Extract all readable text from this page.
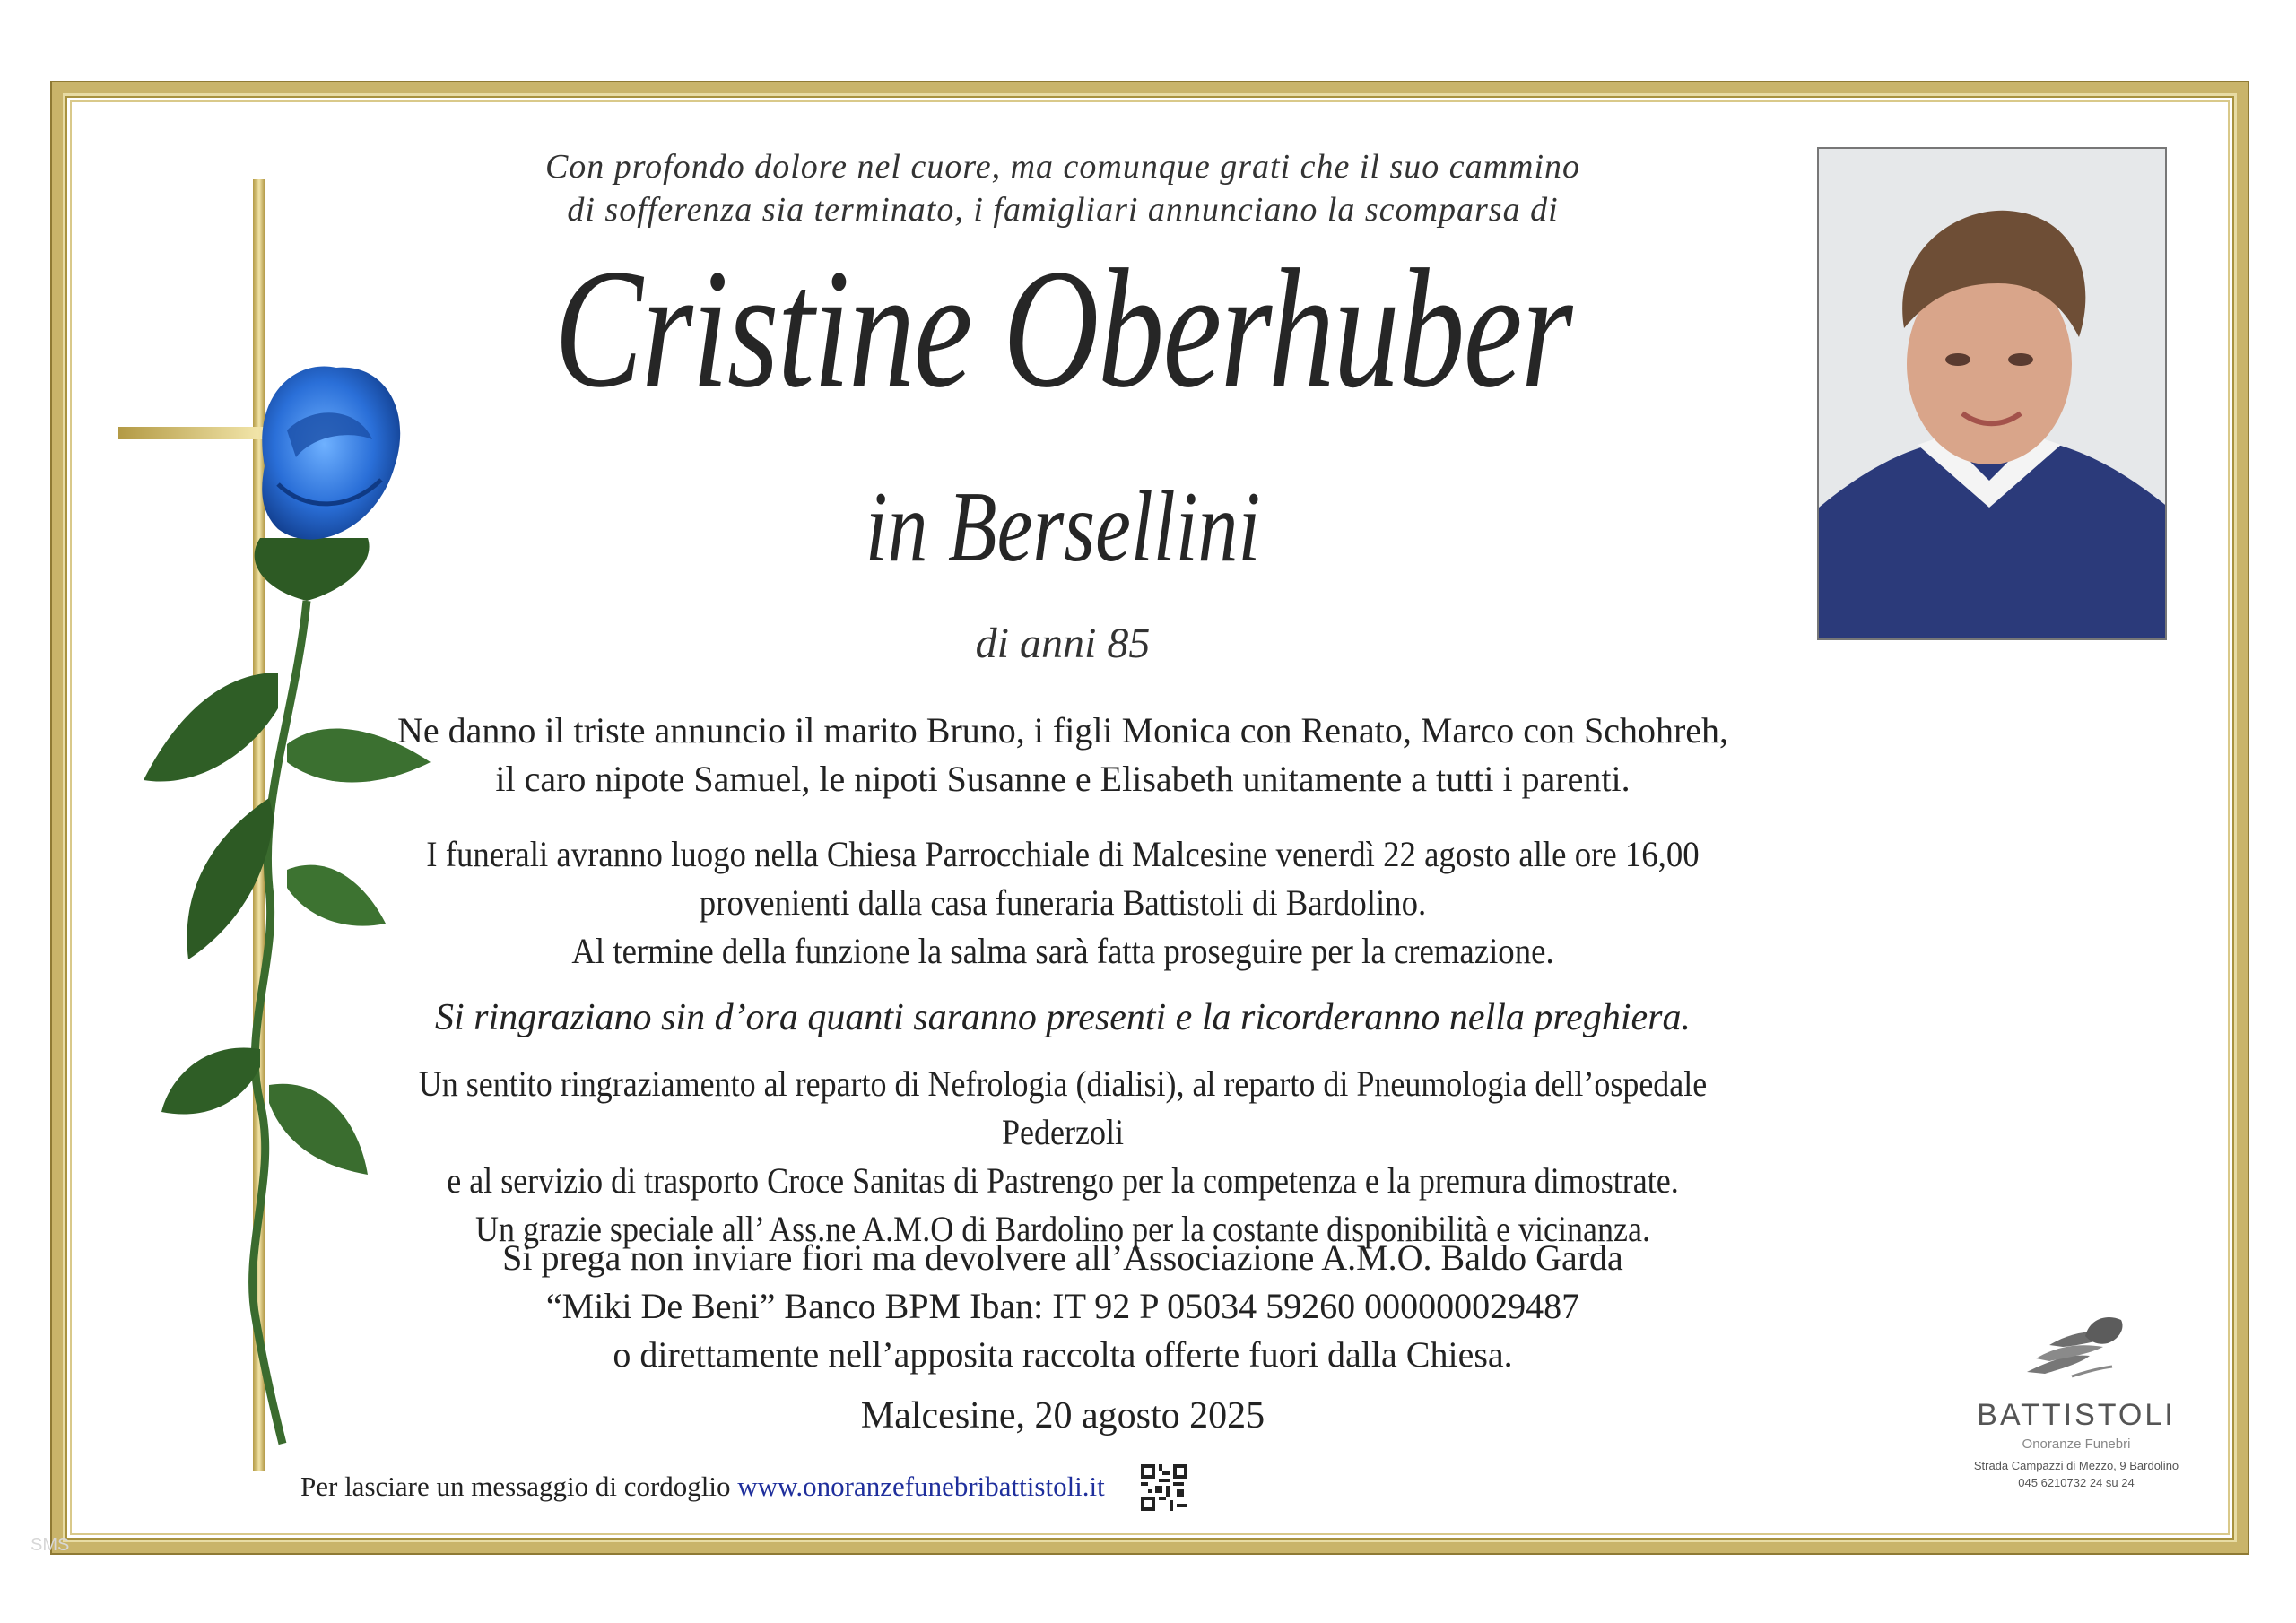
Con profondo dolore nel cuore, ma comunque grati che il suo cammino
di sofferenza sia terminato, i famigliari annunciano la scomparsa di
Cristine Oberhuber
in Bersellini
di anni 85
Ne danno il triste annuncio il marito Bruno, i figli Monica con Renato, Marco con Schohreh,
il caro nipote Samuel, le nipoti Susanne e Elisabeth unitamente a tutti i parenti.
I funerali avranno luogo nella Chiesa Parrocchiale di Malcesine venerdì 22 agosto alle ore 16,00
provenienti dalla casa funeraria Battistoli di Bardolino.
Al termine della funzione la salma sarà fatta proseguire per la cremazione.
Si ringraziano sin d’ora quanti saranno presenti e la ricorderanno nella preghiera.
Un sentito ringraziamento al reparto di Nefrologia (dialisi), al reparto di Pneumologia dell’ospedale Pederzoli
e al servizio di trasporto Croce Sanitas di Pastrengo per la competenza e la premura dimostrate.
Un grazie speciale all’ Ass.ne A.M.O di Bardolino per la costante disponibilità e vicinanza.
Si prega non inviare fiori ma devolvere all’Associazione A.M.O. Baldo Garda
“Miki De Beni” Banco BPM Iban: IT 92 P 05034 59260 000000029487
o direttamente nell’apposita raccolta offerte fuori dalla Chiesa.
Malcesine, 20 agosto 2025
Per lasciare un messaggio di cordoglio www.onoranzefunebribattistoli.it
BATTISTOLI
Onoranze Funebri
Strada Campazzi di Mezzo, 9 Bardolino
045 6210732 24 su 24
SMS
